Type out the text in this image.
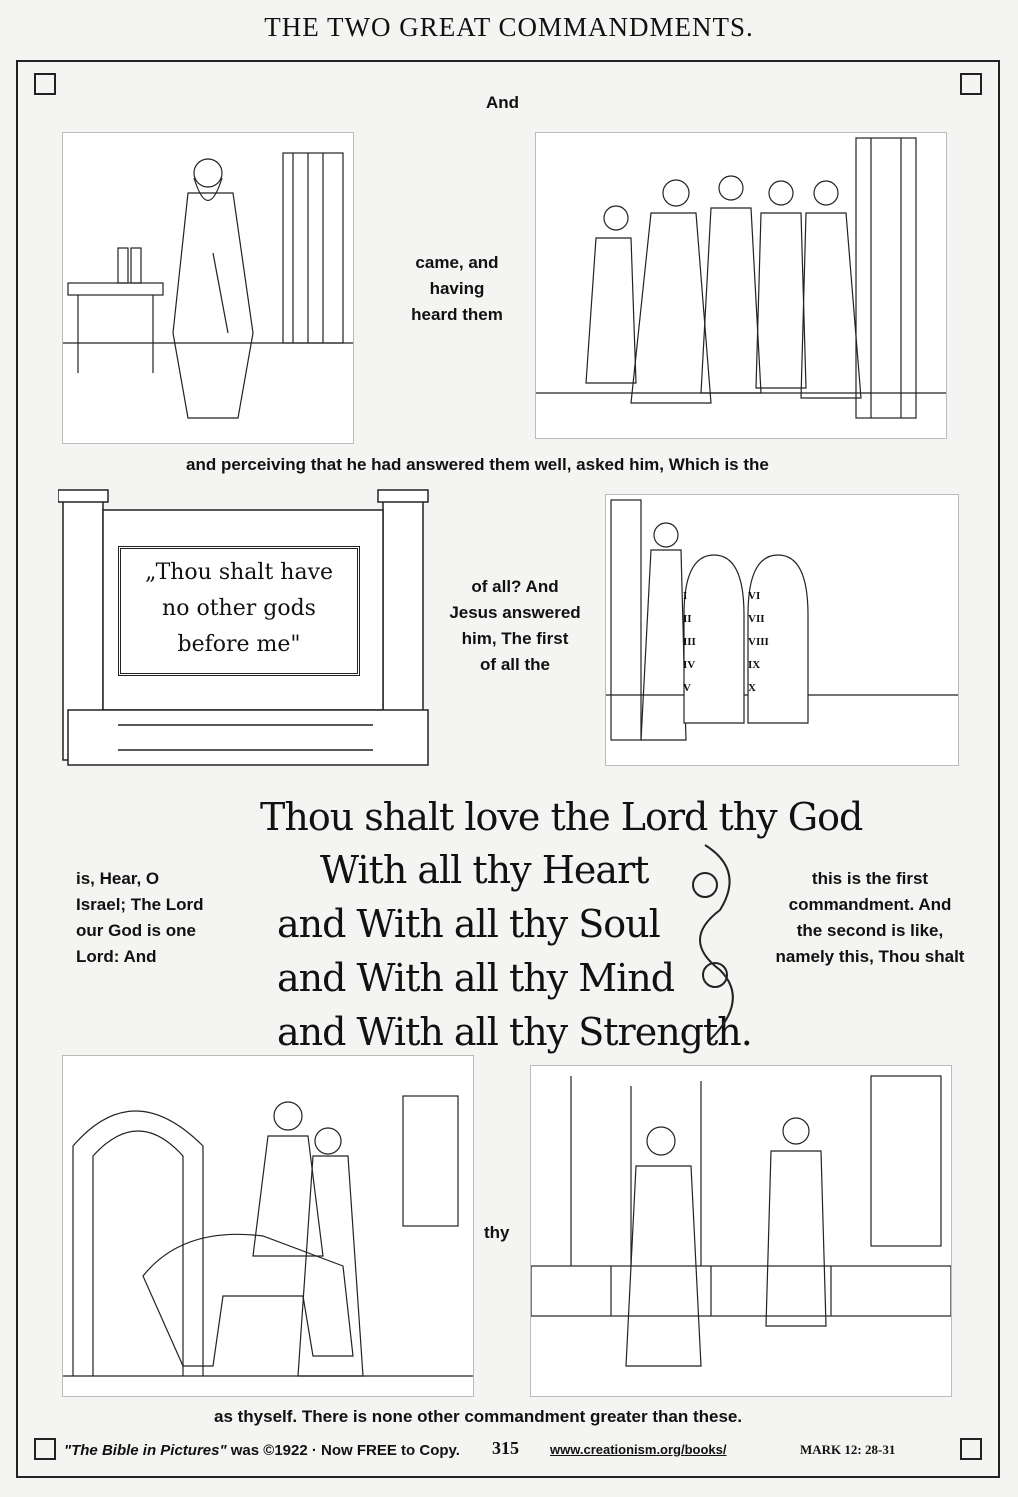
THE TWO GREAT COMMANDMENTS.
And
came, and
having
heard them
and perceiving that he had answered them well, asked him, Which is the
„Thou shalt have
no other gods
before me"
of all? And
Jesus answered
him, The first
of all the
I
II
III
IV
V
VI
VII
VIII
IX
X
Thou shalt love the Lord thy God
With all thy Heart
and With all thy Soul
and With all thy Mind
and With all thy Strength.
is, Hear, O
Israel; The Lord
our God is one
Lord: And
this is the first
commandment. And
the second is like,
namely this, Thou shalt
thy
as thyself. There is none other commandment greater than these.
"The Bible in Pictures" was ©1922 · Now FREE to Copy. 315 www.creationism.org/books/	MARK 12: 28-31
